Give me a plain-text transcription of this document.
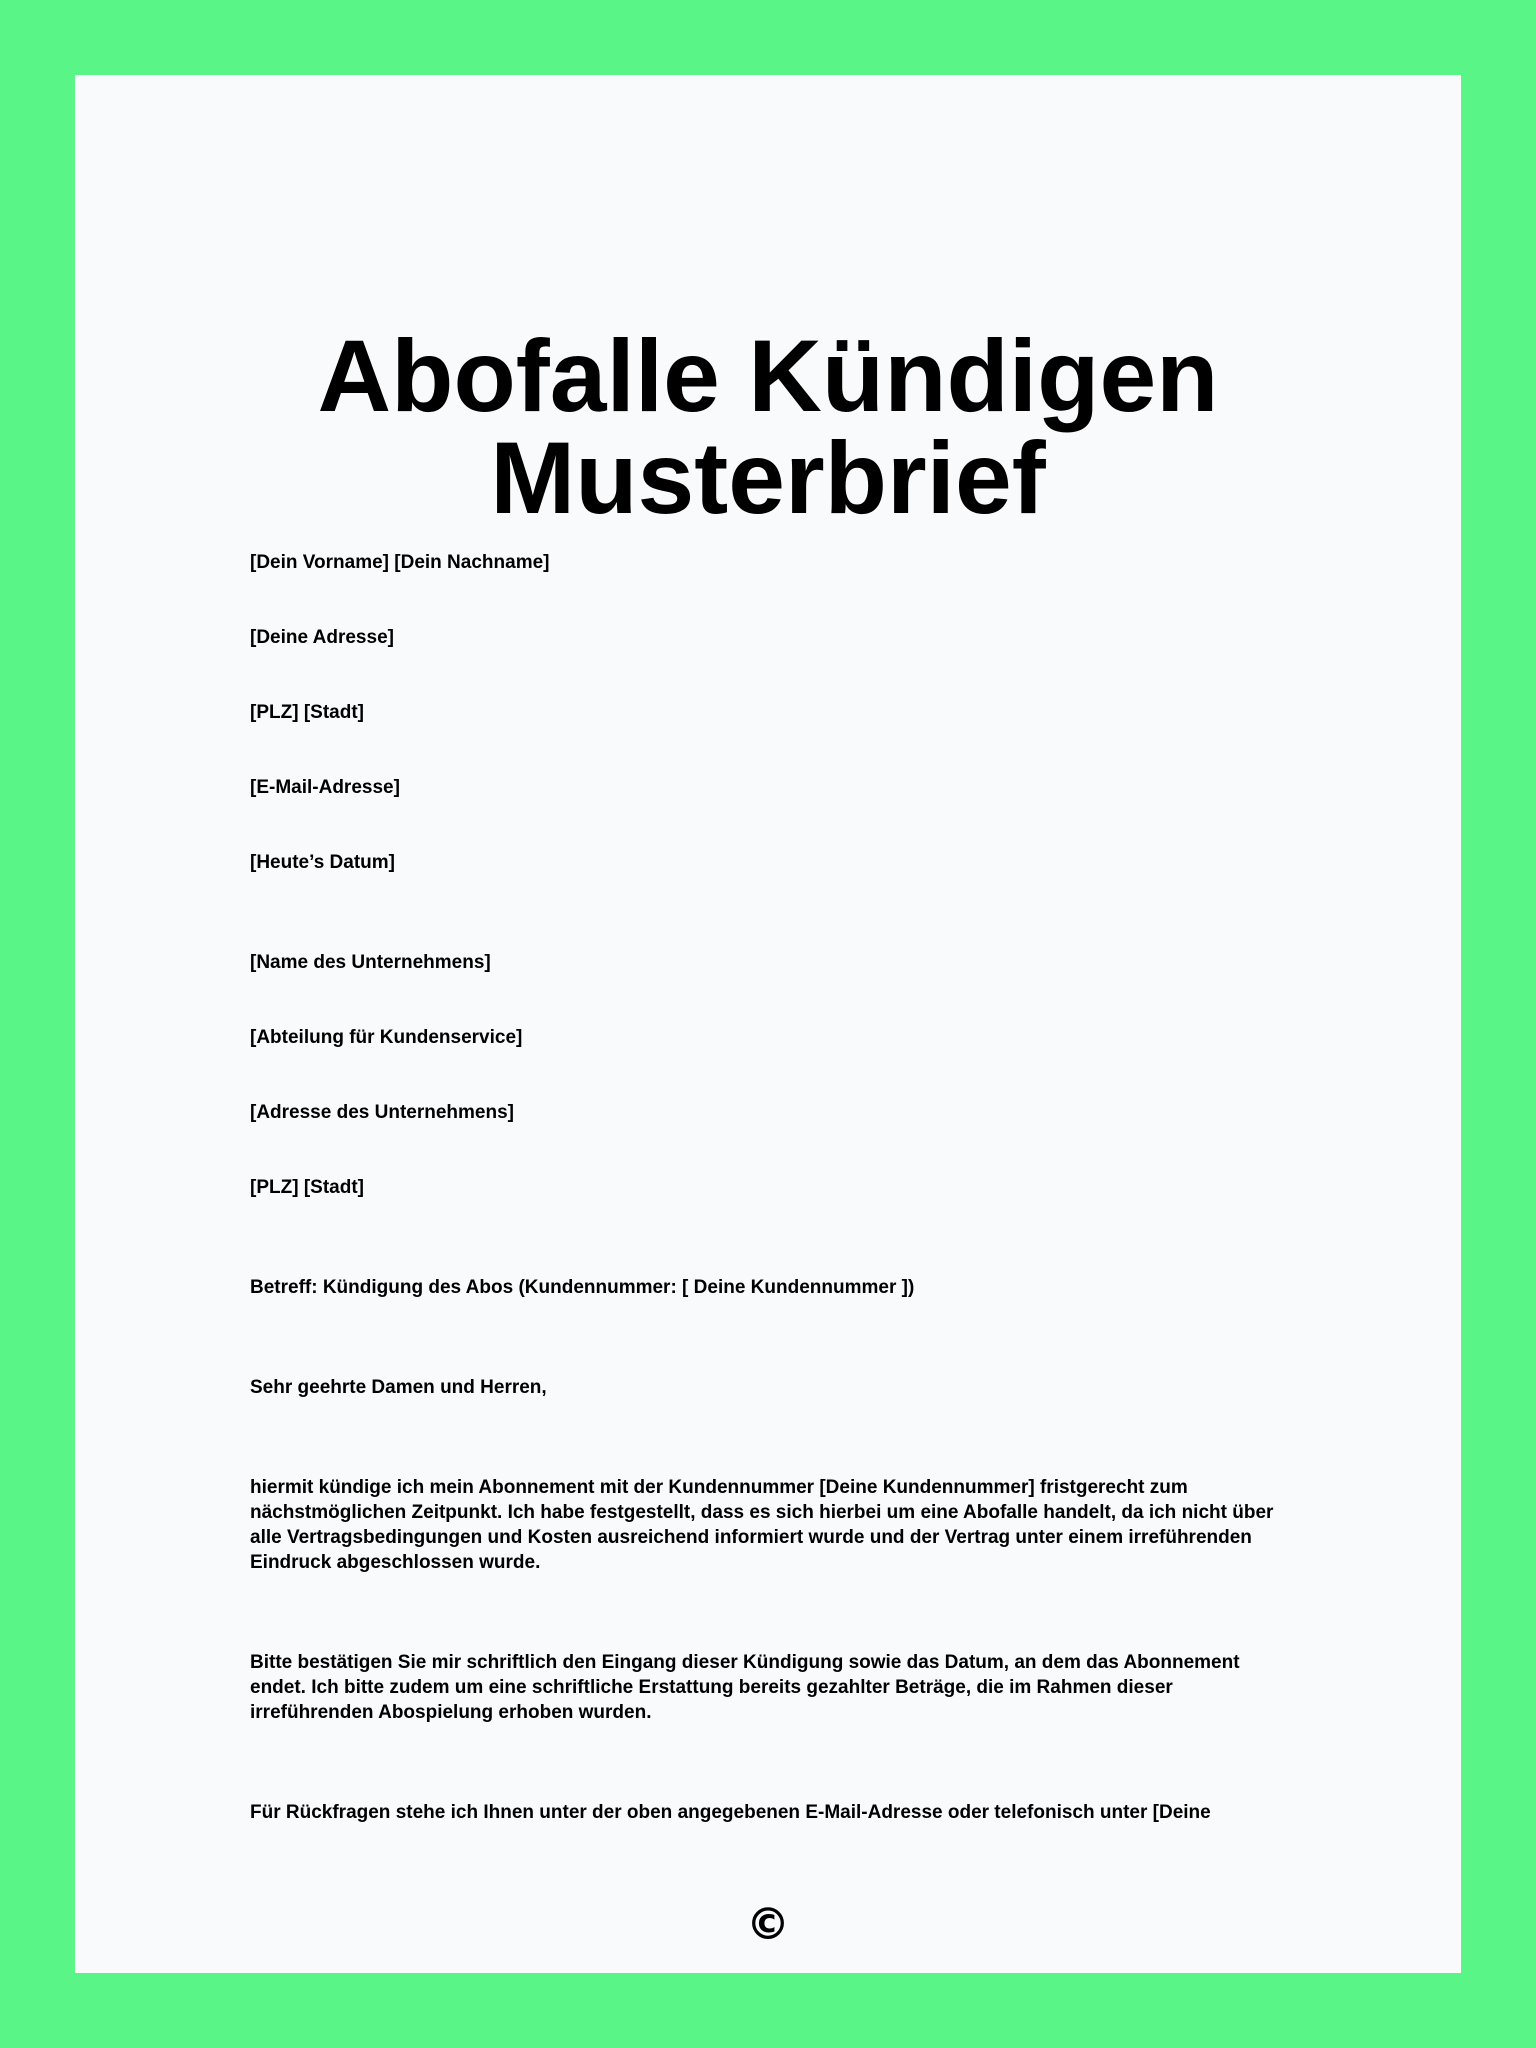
Abofalle Kündigen
Musterbrief

[Dein Vorname] [Dein Nachname]

[Deine Adresse]

[PLZ] [Stadt]

[E-Mail-Adresse]

[Heute’s Datum]

[Name des Unternehmens]

[Abteilung für Kundenservice]

[Adresse des Unternehmens]

[PLZ] [Stadt]

Betreff: Kündigung des Abos (Kundennummer: [ Deine Kundennummer ])

Sehr geehrte Damen und Herren,

hiermit kündige ich mein Abonnement mit der Kundennummer [Deine Kundennummer] fristgerecht zum nächstmöglichen Zeitpunkt. Ich habe festgestellt, dass es sich hierbei um eine Abofalle handelt, da ich nicht über alle Vertragsbedingungen und Kosten ausreichend informiert wurde und der Vertrag unter einem irreführenden Eindruck abgeschlossen wurde.

Bitte bestätigen Sie mir schriftlich den Eingang dieser Kündigung sowie das Datum, an dem das Abonnement endet. Ich bitte zudem um eine schriftliche Erstattung bereits gezahlter Beträge, die im Rahmen dieser irreführenden Abospielung erhoben wurden.

Für Rückfragen stehe ich Ihnen unter der oben angegebenen E-Mail-Adresse oder telefonisch unter [Deine

©
